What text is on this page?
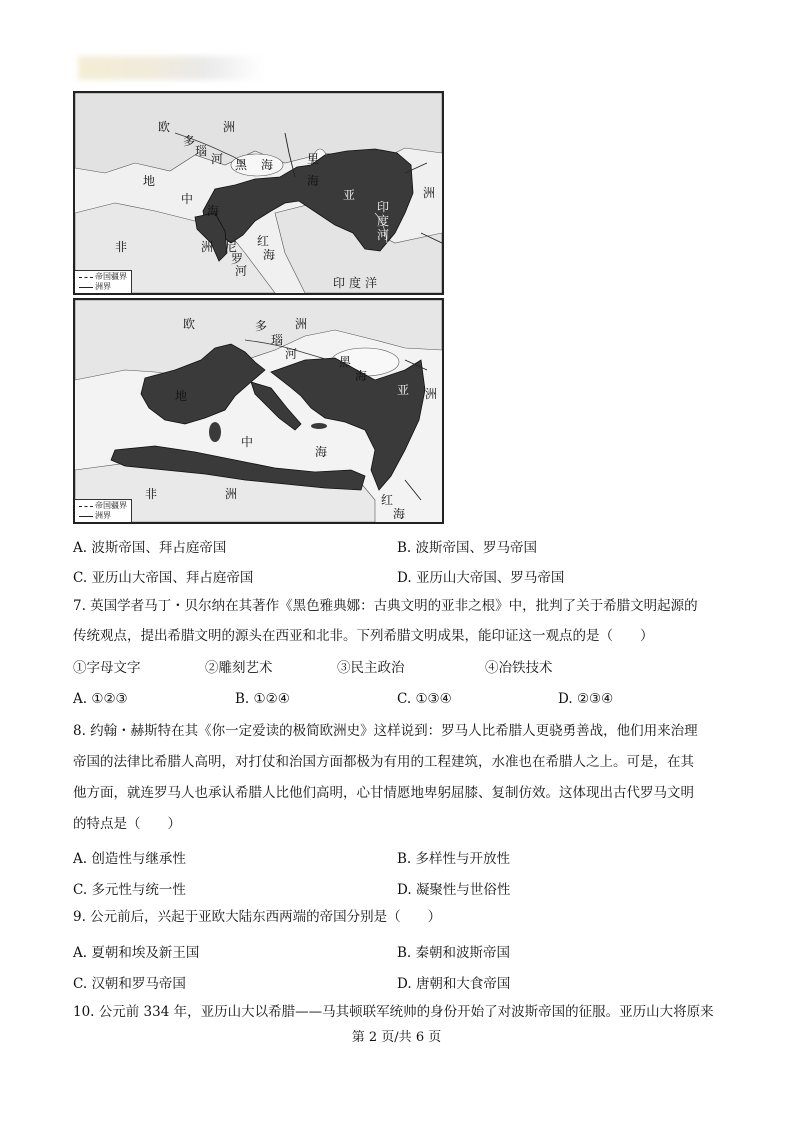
欧	洲
多
瑙
河 黑 海	里
海
地
中
海
亚	洲
印
度
河
非	洲	红
海
尼
罗
河
印 度 洋
帝国疆界
洲界
欧	洲
多
瑙
河
黑
海
亚 洲
地
中
海
非	洲	红
海
帝国疆界
洲界
A. 波斯帝国、拜占庭帝国	B. 波斯帝国、罗马帝国
C. 亚历山大帝国、拜占庭帝国	D. 亚历山大帝国、罗马帝国
7. 英国学者马丁・贝尔纳在其著作《黑色雅典娜：古典文明的亚非之根》中，批判了关于希腊文明起源的
传统观点，提出希腊文明的源头在西亚和北非。下列希腊文明成果，能印证这一观点的是（　　）
①字母文字	②雕刻艺术	③民主政治	④冶铁技术
A. ①②③	B. ①②④	C. ①③④	D. ②③④
8. 约翰・赫斯特在其《你一定爱读的极简欧洲史》这样说到：罗马人比希腊人更骁勇善战，他们用来治理
帝国的法律比希腊人高明，对打仗和治国方面都极为有用的工程建筑，水准也在希腊人之上。可是，在其
他方面，就连罗马人也承认希腊人比他们高明，心甘情愿地卑躬屈膝、复制仿效。这体现出古代罗马文明
的特点是（　　）
A. 创造性与继承性	B. 多样性与开放性
C. 多元性与统一性	D. 凝聚性与世俗性
9. 公元前后，兴起于亚欧大陆东西两端的帝国分别是（　　）
A. 夏朝和埃及新王国	B. 秦朝和波斯帝国
C. 汉朝和罗马帝国	D. 唐朝和大食帝国
10. 公元前 334 年，亚历山大以希腊——马其顿联军统帅的身份开始了对波斯帝国的征服。亚历山大将原来
第 2 页/共 6 页
